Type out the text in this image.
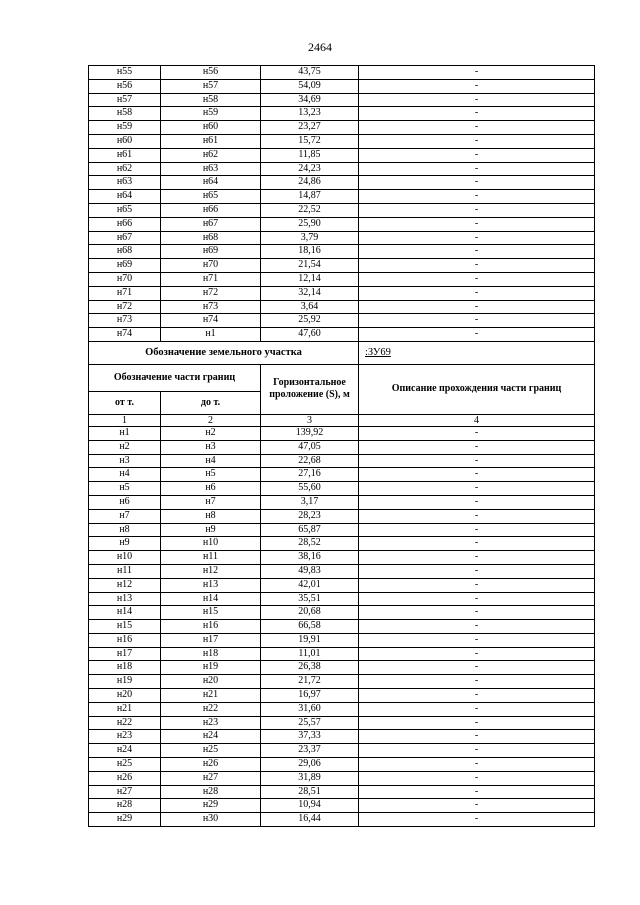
2464
н55	н56	43,75	-
н56	н57	54,09	-
н57	н58	34,69	-
н58	н59	13,23	-
н59	н60	23,27	-
н60	н61	15,72	-
н61	н62	11,85	-
н62	н63	24,23	-
н63	н64	24,86	-
н64	н65	14,87	-
н65	н66	22,52	-
н66	н67	25,90	-
н67	н68	3,79	-
н68	н69	18,16	-
н69	н70	21,54	-
н70	н71	12,14	-
н71	н72	32,14	-
н72	н73	3,64	-
н73	н74	25,92	-
н74	н1	47,60	-
Обозначение земельного участка			:ЗУ69
Обозначение части границ		Горизонтальное проложение (S), м	Описание прохождения части границ
от т.	до т.		
1	2	3	4
н1	н2	139,92	-
н2	н3	47,05	-
н3	н4	22,68	-
н4	н5	27,16	-
н5	н6	55,60	-
н6	н7	3,17	-
н7	н8	28,23	-
н8	н9	65,87	-
н9	н10	28,52	-
н10	н11	38,16	-
н11	н12	49,83	-
н12	н13	42,01	-
н13	н14	35,51	-
н14	н15	20,68	-
н15	н16	66,58	-
н16	н17	19,91	-
н17	н18	11,01	-
н18	н19	26,38	-
н19	н20	21,72	-
н20	н21	16,97	-
н21	н22	31,60	-
н22	н23	25,57	-
н23	н24	37,33	-
н24	н25	23,37	-
н25	н26	29,06	-
н26	н27	31,89	-
н27	н28	28,51	-
н28	н29	10,94	-
н29	н30	16,44	-
